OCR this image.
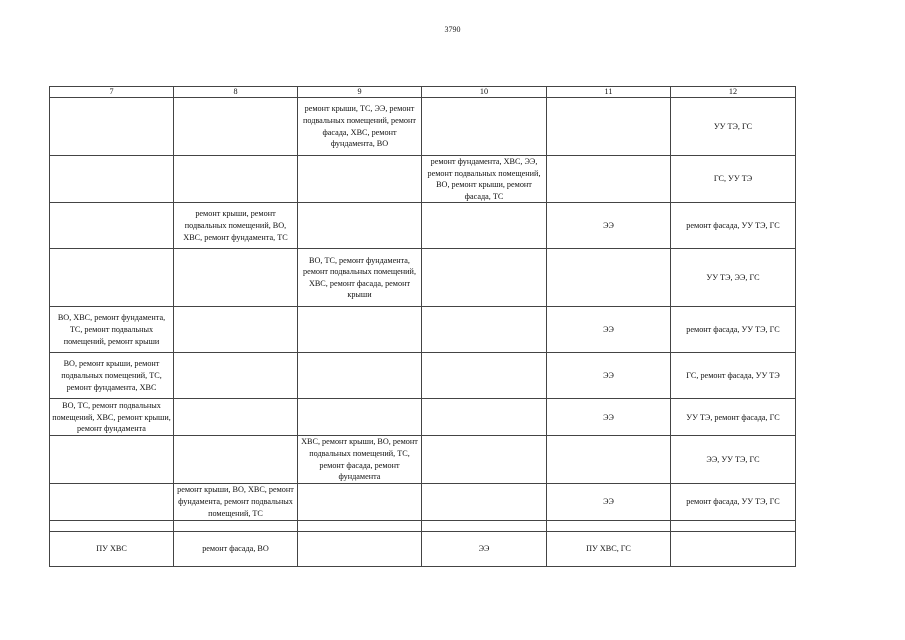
3790
7	8	9	10	11	12
		ремонт крыши, ТС, ЭЭ, ремонт подвальных помещений, ремонт фасада, ХВС, ремонт фундамента, ВО			УУ ТЭ, ГС
			ремонт фундамента, ХВС, ЭЭ, ремонт подвальных помещений, ВО, ремонт крыши, ремонт фасада, ТС		ГС, УУ ТЭ
	ремонт крыши, ремонт подвальных помещений, ВО, ХВС, ремонт фундамента, ТС			ЭЭ	ремонт фасада, УУ ТЭ, ГС
		ВО, ТС, ремонт фундамента, ремонт подвальных помещений, ХВС, ремонт фасада, ремонт крыши			УУ ТЭ, ЭЭ, ГС
ВО, ХВС, ремонт фундамента, ТС, ремонт подвальных помещений, ремонт крыши				ЭЭ	ремонт фасада, УУ ТЭ, ГС
ВО, ремонт крыши, ремонт подвальных помещений, ТС, ремонт фундамента, ХВС				ЭЭ	ГС, ремонт фасада, УУ ТЭ
ВО, ТС, ремонт подвальных помещений, ХВС, ремонт крыши, ремонт фундамента				ЭЭ	УУ ТЭ, ремонт фасада, ГС
		ХВС, ремонт крыши, ВО, ремонт подвальных помещений, ТС, ремонт фасада, ремонт фундамента			ЭЭ, УУ ТЭ, ГС
	ремонт крыши, ВО, ХВС, ремонт фундамента, ремонт подвальных помещений, ТС			ЭЭ	ремонт фасада, УУ ТЭ, ГС

ПУ ХВС	ремонт фасада, ВО		ЭЭ	ПУ ХВС, ГС	
